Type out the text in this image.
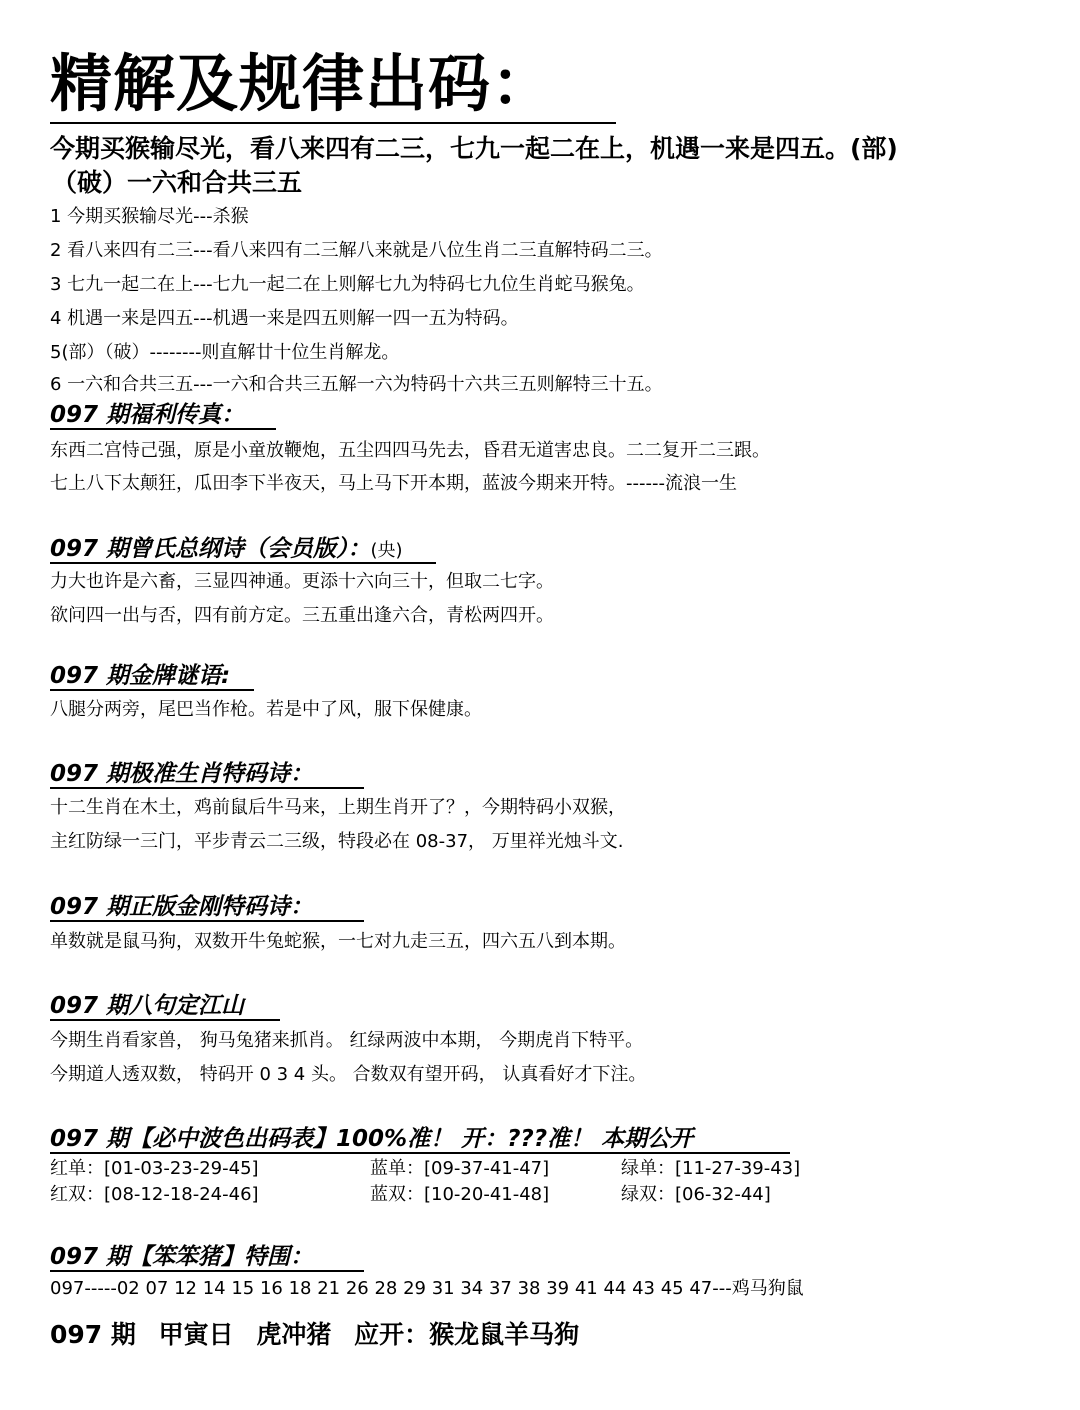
精解及规律出码：
今期买猴输尽光，看八来四有二三，七九一起二在上，机遇一来是四五。(部)
（破）一六和合共三五
1 今期买猴输尽光---杀猴
2 看八来四有二三---看八来四有二三解八来就是八位生肖二三直解特码二三。
3 七九一起二在上---七九一起二在上则解七九为特码七九位生肖蛇马猴兔。
4 机遇一来是四五---机遇一来是四五则解一四一五为特码。
5(部）（破）--------则直解廿十位生肖解龙。
6 一六和合共三五---一六和合共三五解一六为特码十六共三五则解特三十五。
097 期福利传真：
东西二宫恃己强，原是小童放鞭炮，五尘四四马先去，昏君无道害忠良。二二复开二三跟。
七上八下太颠狂，瓜田李下半夜天，马上马下开本期，蓝波今期来开特。------流浪一生
097 期曾氏总纲诗（会员版）：(央)
力大也许是六畜，三显四神通。更添十六向三十，但取二七字。
欲问四一出与否，四有前方定。三五重出逢六合，青松两四开。
097 期金牌谜语:
八腿分两旁，尾巴当作枪。若是中了风，服下保健康。
097 期极准生肖特码诗：
十二生肖在木土，鸡前鼠后牛马来，上期生肖开了？，今期特码小双猴，
主红防绿一三门，平步青云二三级，特段必在 08-37， 万里祥光烛斗文.
097 期正版金刚特码诗：
单数就是鼠马狗，双数开牛兔蛇猴，一七对九走三五，四六五八到本期。
097 期八句定江山
今期生肖看家兽， 狗马兔猪来抓肖。 红绿两波中本期， 今期虎肖下特平。
今期道人透双数， 特码开 0 3 4 头。 合数双有望开码， 认真看好才下注。
097 期【必中波色出码表】100%准！ 开：???准！ 本期公开
红单：[01-03-23-29-45]	蓝单：[09-37-41-47]	绿单：[11-27-39-43]
红双：[08-12-18-24-46]	蓝双：[10-20-41-48]	绿双：[06-32-44]
097 期【笨笨猪】特围：
097-----02 07 12 14 15 16 18 21 26 28 29 31 34 37 38 39 41 44 43 45 47---鸡马狗鼠
097 期 甲寅日 虎冲猪 应开：猴龙鼠羊马狗
